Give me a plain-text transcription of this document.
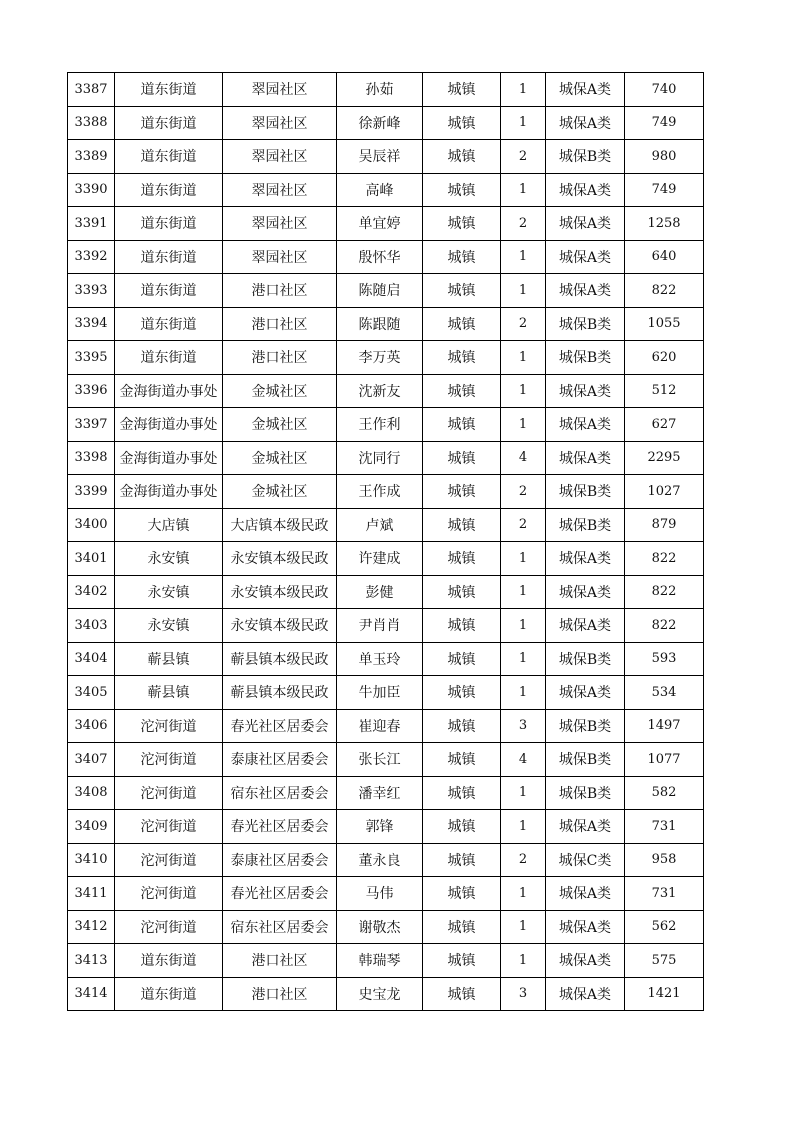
3387	道东街道	翠园社区	孙茹	城镇	1	城保A类	740
3388	道东街道	翠园社区	徐新峰	城镇	1	城保A类	749
3389	道东街道	翠园社区	吴辰祥	城镇	2	城保B类	980
3390	道东街道	翠园社区	高峰	城镇	1	城保A类	749
3391	道东街道	翠园社区	单宜婷	城镇	2	城保A类	1258
3392	道东街道	翠园社区	殷怀华	城镇	1	城保A类	640
3393	道东街道	港口社区	陈随启	城镇	1	城保A类	822
3394	道东街道	港口社区	陈跟随	城镇	2	城保B类	1055
3395	道东街道	港口社区	李万英	城镇	1	城保B类	620
3396	金海街道办事处	金城社区	沈新友	城镇	1	城保A类	512
3397	金海街道办事处	金城社区	王作利	城镇	1	城保A类	627
3398	金海街道办事处	金城社区	沈同行	城镇	4	城保A类	2295
3399	金海街道办事处	金城社区	王作成	城镇	2	城保B类	1027
3400	大店镇	大店镇本级民政	卢斌	城镇	2	城保B类	879
3401	永安镇	永安镇本级民政	许建成	城镇	1	城保A类	822
3402	永安镇	永安镇本级民政	彭健	城镇	1	城保A类	822
3403	永安镇	永安镇本级民政	尹肖肖	城镇	1	城保A类	822
3404	蕲县镇	蕲县镇本级民政	单玉玲	城镇	1	城保B类	593
3405	蕲县镇	蕲县镇本级民政	牛加臣	城镇	1	城保A类	534
3406	沱河街道	春光社区居委会	崔迎春	城镇	3	城保B类	1497
3407	沱河街道	泰康社区居委会	张长江	城镇	4	城保B类	1077
3408	沱河街道	宿东社区居委会	潘幸红	城镇	1	城保B类	582
3409	沱河街道	春光社区居委会	郭锋	城镇	1	城保A类	731
3410	沱河街道	泰康社区居委会	董永良	城镇	2	城保C类	958
3411	沱河街道	春光社区居委会	马伟	城镇	1	城保A类	731
3412	沱河街道	宿东社区居委会	谢敬杰	城镇	1	城保A类	562
3413	道东街道	港口社区	韩瑞琴	城镇	1	城保A类	575
3414	道东街道	港口社区	史宝龙	城镇	3	城保A类	1421
